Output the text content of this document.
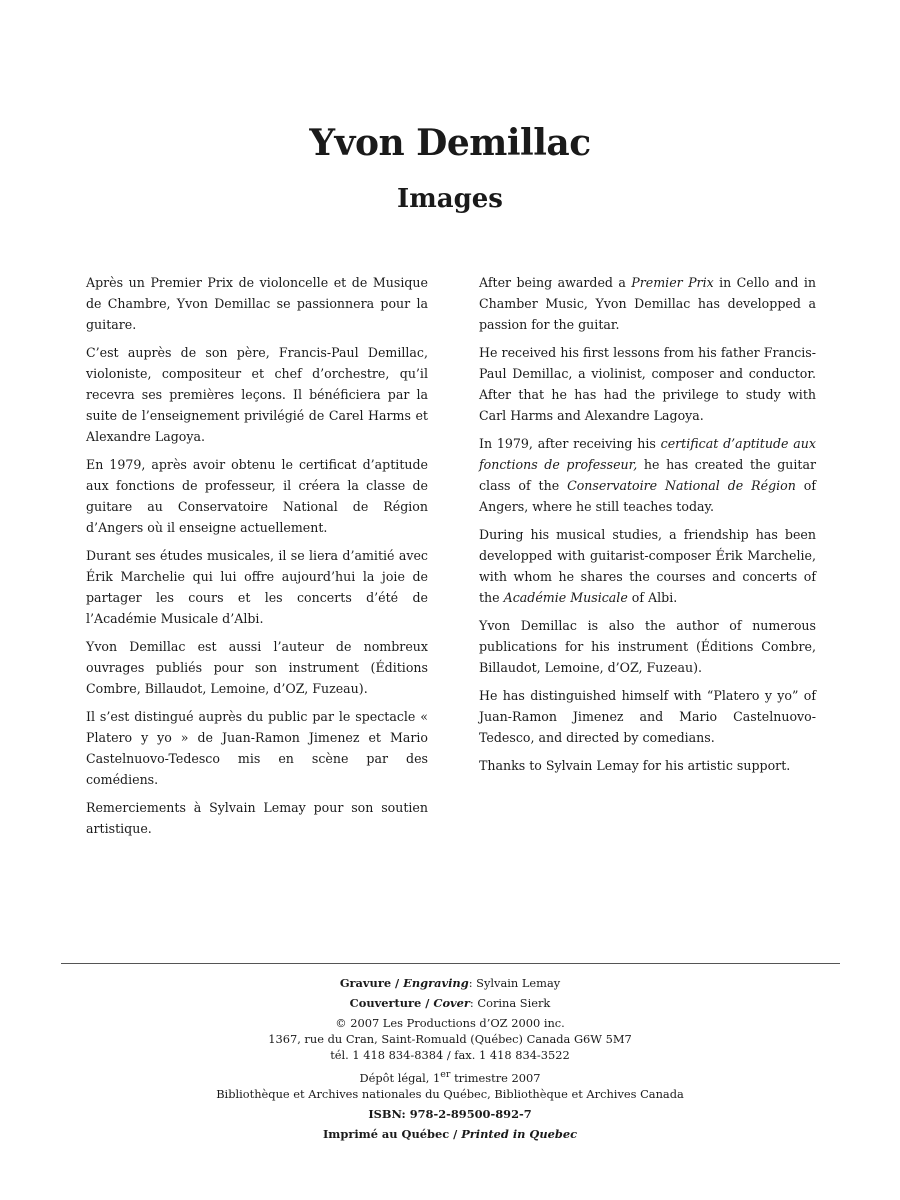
Yvon Demillac
Images

Après un Premier Prix de violoncelle et de Musique de Chambre, Yvon Demillac se passionnera pour la guitare.

C’est auprès de son père, Francis-Paul Demillac, violoniste, compositeur et chef d’orchestre, qu’il recevra ses premières leçons. Il bénéficiera par la suite de l’enseignement privilégié de Carel Harms et Alexandre Lagoya.

En 1979, après avoir obtenu le certificat d’aptitude aux fonctions de professeur, il créera la classe de guitare au Conservatoire National de Région d’Angers où il enseigne actuellement.

Durant ses études musicales, il se liera d’amitié avec Érik Marchelie qui lui offre aujourd’hui la joie de partager les cours et les concerts d’été de l’Académie Musicale d’Albi.

Yvon Demillac est aussi l’auteur de nombreux ouvrages publiés pour son instrument (Éditions Combre, Billaudot, Lemoine, d’OZ, Fuzeau).

Il s’est distingué auprès du public par le spectacle « Platero y yo » de Juan-Ramon Jimenez et Mario Castelnuovo-Tedesco mis en scène par des comédiens.

Remerciements à Sylvain Lemay pour son soutien artistique.

After being awarded a Premier Prix in Cello and in Chamber Music, Yvon Demillac has developped a passion for the guitar.

He received his first lessons from his father Francis-Paul Demillac, a violinist, composer and conductor. After that he has had the privilege to study with Carl Harms and Alexandre Lagoya.

In 1979, after receiving his certificat d’aptitude aux fonctions de professeur, he has created the guitar class of the Conservatoire National de Région of Angers, where he still teaches today.

During his musical studies, a friendship has been developped with guitarist-composer Érik Marchelie, with whom he shares the courses and concerts of the Académie Musicale of Albi.

Yvon Demillac is also the author of numerous publications for his instrument (Éditions Combre, Billaudot, Lemoine, d’OZ, Fuzeau).

He has distinguished himself with “Platero y yo” of Juan-Ramon Jimenez and Mario Castelnuovo-Tedesco, and directed by comedians.

Thanks to Sylvain Lemay for his artistic support.

Gravure / Engraving: Sylvain Lemay
Couverture / Cover: Corina Sierk
© 2007 Les Productions d’OZ 2000 inc.
1367, rue du Cran, Saint-Romuald (Québec) Canada G6W 5M7
tél. 1 418 834-8384 / fax. 1 418 834-3522
Dépôt légal, 1er trimestre 2007
Bibliothèque et Archives nationales du Québec, Bibliothèque et Archives Canada
ISBN: 978-2-89500-892-7
Imprimé au Québec / Printed in Quebec
